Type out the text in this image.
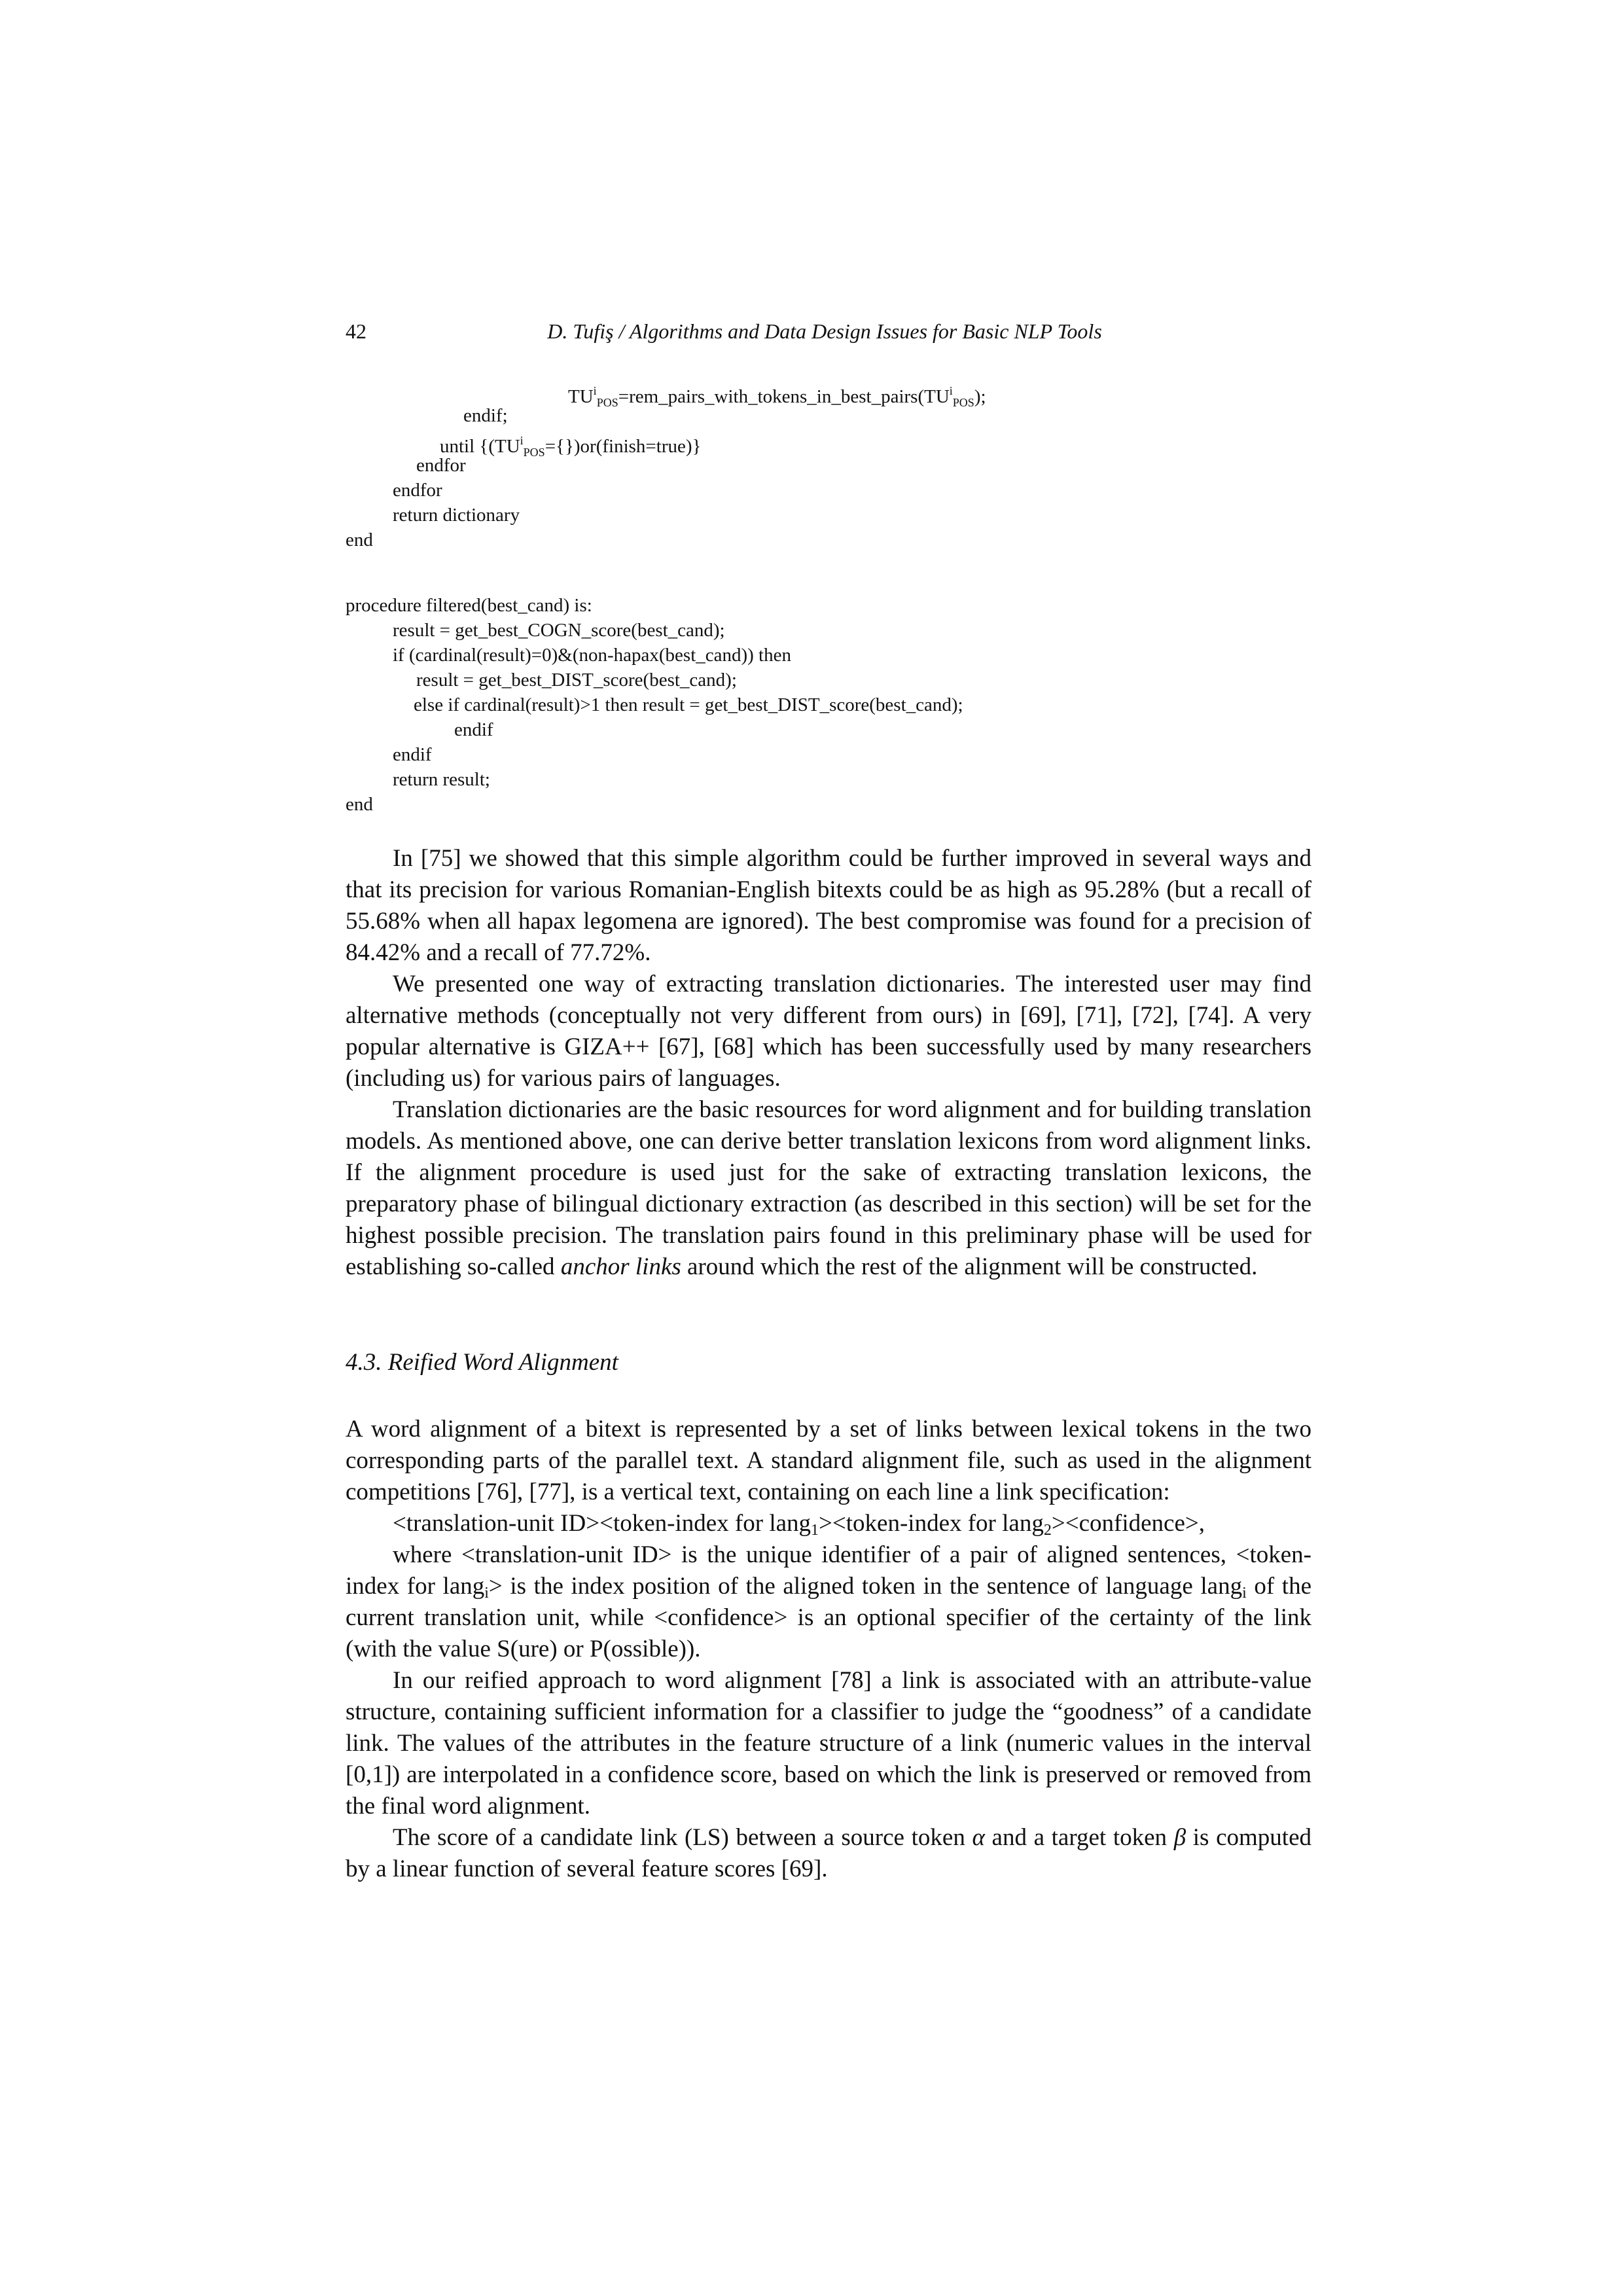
42	D. Tufiş / Algorithms and Data Design Issues for Basic NLP Tools
$TU^i_{POS}=rem\_pairs\_with\_tokens\_in\_best\_pairs(TU^i_{POS})$;
endif;
until $\{(TU^i_{POS}=\{\})or(finish=true)\}$
endfor
endfor
return dictionary
end
procedure filtered(best_cand) is:
result = get_best_COGN_score(best_cand);
if (cardinal(result)=0)&(non-hapax(best_cand)) then
result = get_best_DIST_score(best_cand);
else if cardinal(result)>1 then result = get_best_DIST_score(best_cand);
endif
endif
return result;
end

In [75] we showed that this simple algorithm could be further improved in several ways and that its precision for various Romanian-English bitexts could be as high as 95.28% (but a recall of 55.68% when all hapax legomena are ignored). The best compromise was found for a precision of 84.42% and a recall of 77.72%.

We presented one way of extracting translation dictionaries. The interested user may find alternative methods (conceptually not very different from ours) in [69], [71], [72], [74]. A very popular alternative is GIZA++ [67], [68] which has been successfully used by many researchers (including us) for various pairs of languages.

Translation dictionaries are the basic resources for word alignment and for building translation models. As mentioned above, one can derive better translation lexicons from word alignment links. If the alignment procedure is used just for the sake of extracting translation lexicons, the preparatory phase of bilingual dictionary extraction (as described in this section) will be set for the highest possible precision. The translation pairs found in this preliminary phase will be used for establishing so-called anchor links around which the rest of the alignment will be constructed.

4.3. Reified Word Alignment

A word alignment of a bitext is represented by a set of links between lexical tokens in the two corresponding parts of the parallel text. A standard alignment file, such as used in the alignment competitions [76], [77], is a vertical text, containing on each line a link specification:

<translation-unit ID><token-index for lang$_1$><token-index for lang$_2$><confidence>,

where <translation-unit ID> is the unique identifier of a pair of aligned sentences, <token-index for lang$_i$> is the index position of the aligned token in the sentence of language lang$_i$ of the current translation unit, while <confidence> is an optional specifier of the certainty of the link (with the value S(ure) or P(ossible)).

In our reified approach to word alignment [78] a link is associated with an attribute-value structure, containing sufficient information for a classifier to judge the “goodness” of a candidate link. The values of the attributes in the feature structure of a link (numeric values in the interval [0,1]) are interpolated in a confidence score, based on which the link is preserved or removed from the final word alignment.

The score of a candidate link (LS) between a source token α and a target token β is computed by a linear function of several feature scores [69].
